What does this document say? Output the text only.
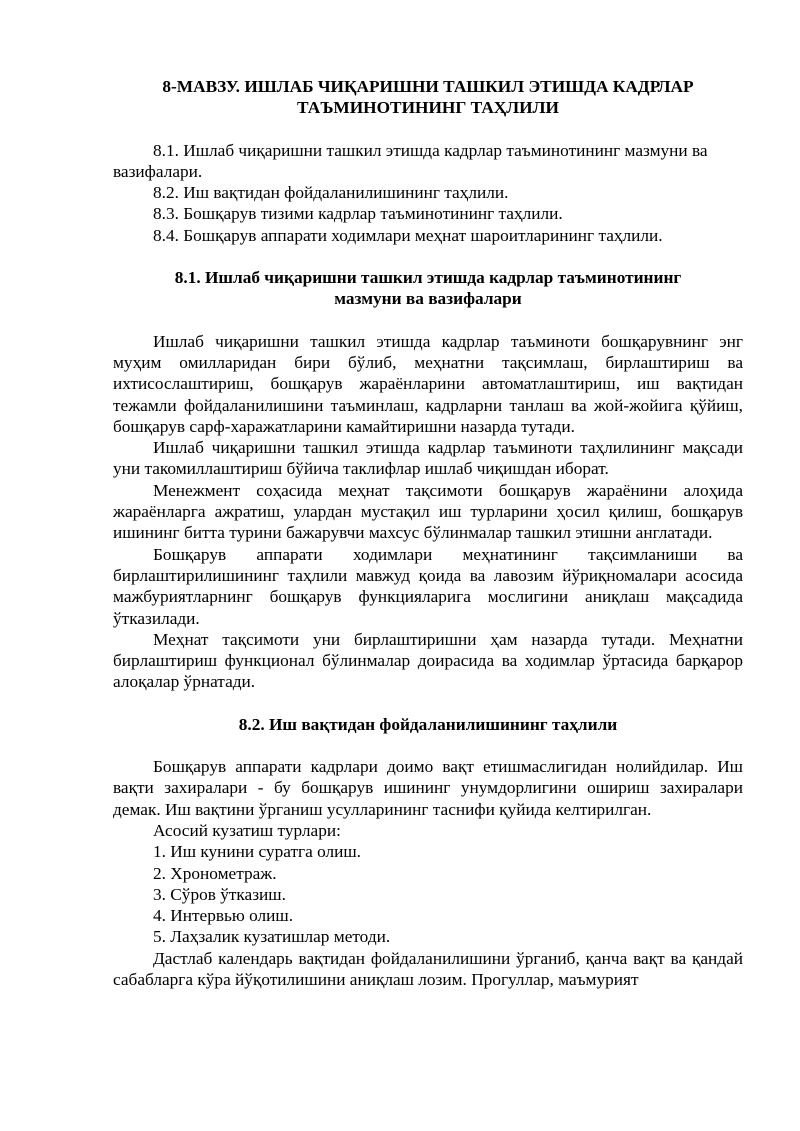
8-МАВЗУ. ИШЛАБ ЧИҚАРИШНИ ТАШКИЛ ЭТИШДА КАДРЛАР
ТАЪМИНОТИНИНГ ТАҲЛИЛИ

8.1. Ишлаб чиқаришни ташкил этишда кадрлар таъминотининг мазмуни ва вазифалари.

8.2. Иш вақтидан фойдаланилишининг таҳлили.

8.3. Бошқарув тизими кадрлар таъминотининг таҳлили.

8.4. Бошқарув аппарати ходимлари меҳнат шароитларининг таҳлили.

8.1. Ишлаб чиқаришни ташкил этишда кадрлар таъминотининг
мазмуни ва вазифалари

Ишлаб чиқаришни ташкил этишда кадрлар таъминоти бошқарувнинг энг муҳим омилларидан бири бўлиб, меҳнатни тақсимлаш, бирлаштириш ва ихтисослаштириш, бошқарув жараёнларини автоматлаштириш, иш вақтидан тежамли фойдаланилишини таъминлаш, кадрларни танлаш ва жой-жойига қўйиш, бошқарув сарф-харажатларини камайтиришни назарда тутади.

Ишлаб чиқаришни ташкил этишда кадрлар таъминоти таҳлилининг мақсади уни такомиллаштириш бўйича таклифлар ишлаб чиқишдан иборат.

Менежмент соҳасида меҳнат тақсимоти бошқарув жараёнини алоҳида жараёнларга ажратиш, улардан мустақил иш турларини ҳосил қилиш, бошқарув ишининг битта турини бажарувчи махсус бўлинмалар ташкил этишни англатади.

Бошқарув аппарати ходимлари меҳнатининг тақсимланиши ва бирлаштирилишининг таҳлили мавжуд қоида ва лавозим йўриқномалари асосида мажбуриятларнинг бошқарув функцияларига мослигини аниқлаш мақсадида ўтказилади.

Меҳнат тақсимоти уни бирлаштиришни ҳам назарда тутади. Меҳнатни бирлаштириш функционал бўлинмалар доирасида ва ходимлар ўртасида барқарор алоқалар ўрнатади.

8.2. Иш вақтидан фойдаланилишининг таҳлили

Бошқарув аппарати кадрлари доимо вақт етишмаслигидан нолийдилар. Иш вақти захиралари - бу бошқарув ишининг унумдорлигини ошириш захиралари демак. Иш вақтини ўрганиш усулларининг таснифи қуйида келтирилган.

Асосий кузатиш турлари:

1. Иш кунини суратга олиш.

2. Хронометраж.

3. Сўров ўтказиш.

4. Интервью олиш.

5. Лаҳзалик кузатишлар методи.

Дастлаб календарь вақтидан фойдаланилишини ўрганиб, қанча вақт ва қандай сабабларга кўра йўқотилишини аниқлаш лозим. Прогуллар, маъмурият
